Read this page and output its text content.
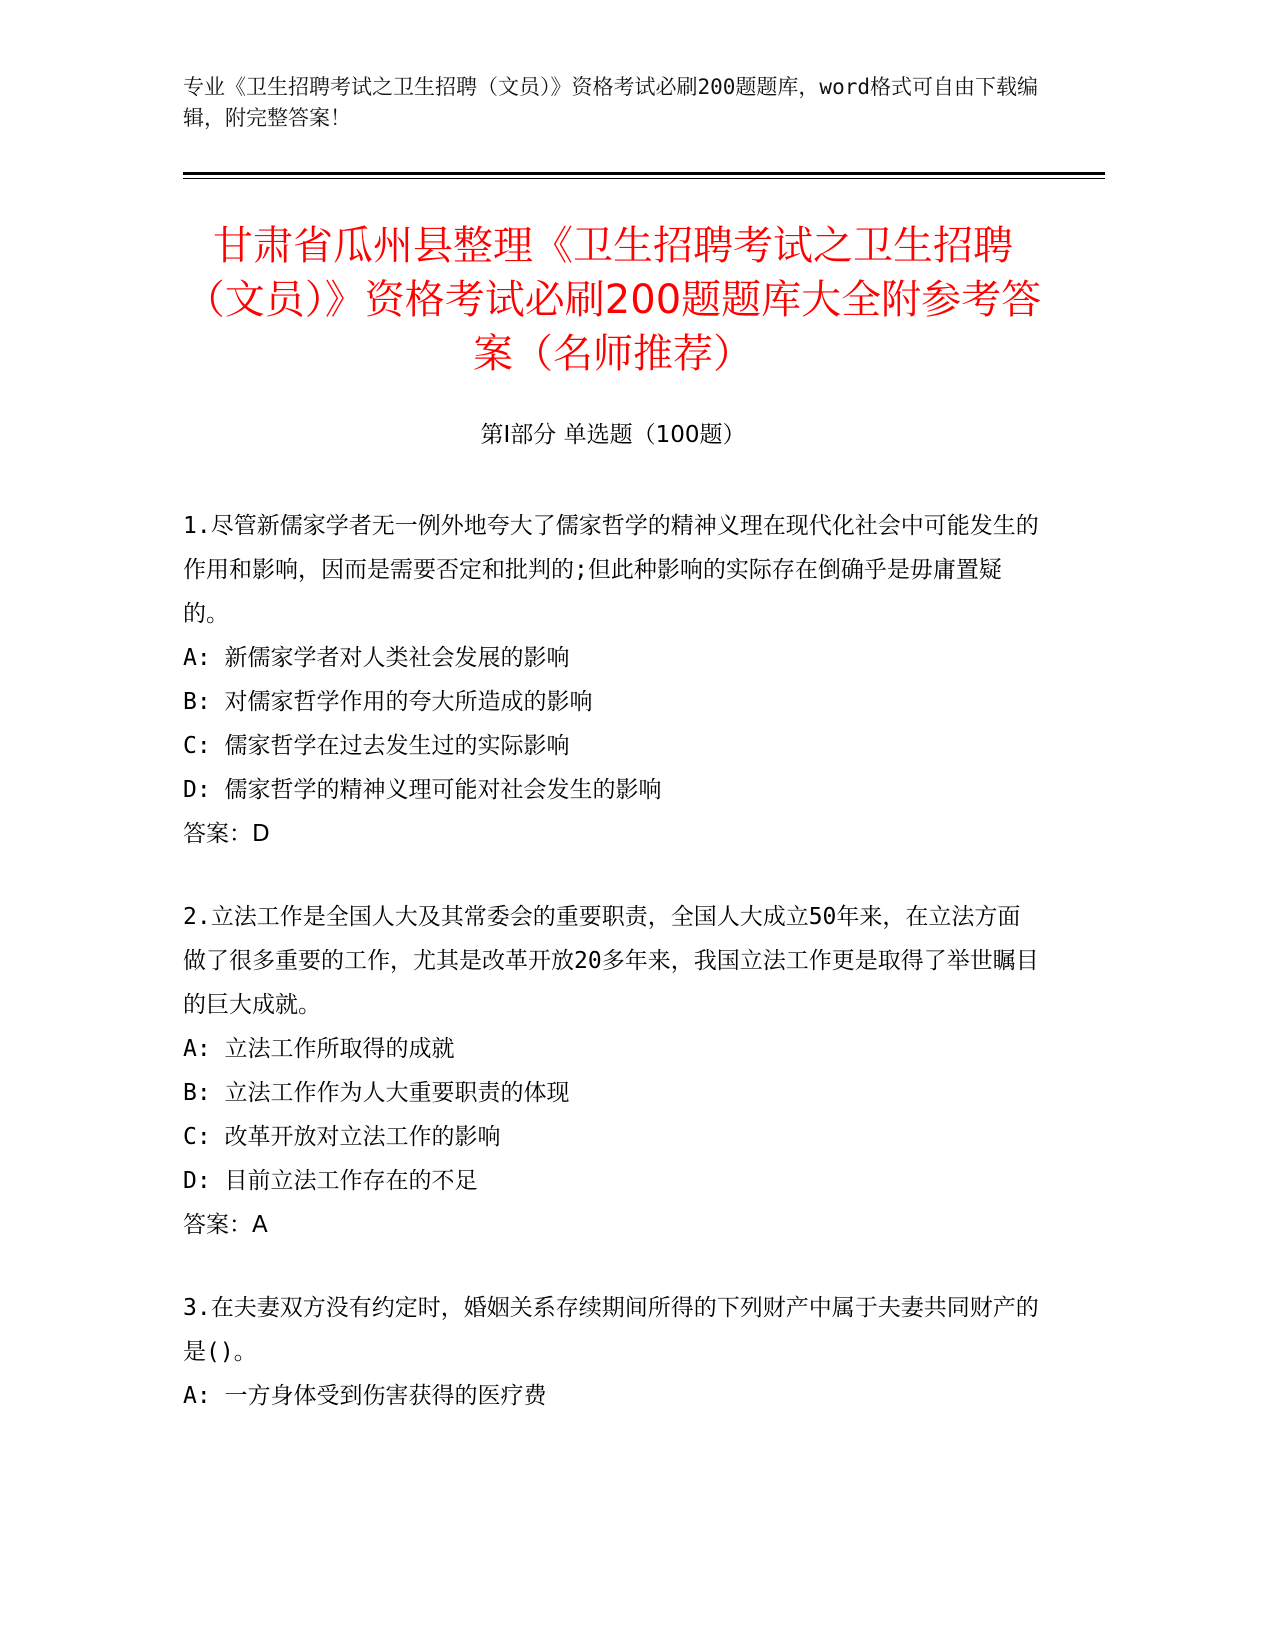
专业《卫生招聘考试之卫生招聘（文员）》资格考试必刷200题题库，word格式可自由下载编辑，附完整答案！
甘肃省瓜州县整理《卫生招聘考试之卫生招聘（文员）》资格考试必刷200题题库大全附参考答案（名师推荐）
第I部分 单选题（100题）

1.尽管新儒家学者无一例外地夸大了儒家哲学的精神义理在现代化社会中可能发生的作用和影响，因而是需要否定和批判的;但此种影响的实际存在倒确乎是毋庸置疑的。

A: 新儒家学者对人类社会发展的影响

B: 对儒家哲学作用的夸大所造成的影响

C: 儒家哲学在过去发生过的实际影响

D: 儒家哲学的精神义理可能对社会发生的影响

答案：D

2.立法工作是全国人大及其常委会的重要职责，全国人大成立50年来，在立法方面做了很多重要的工作，尤其是改革开放20多年来，我国立法工作更是取得了举世瞩目的巨大成就。

A: 立法工作所取得的成就

B: 立法工作作为人大重要职责的体现

C: 改革开放对立法工作的影响

D: 目前立法工作存在的不足

答案：A

3.在夫妻双方没有约定时，婚姻关系存续期间所得的下列财产中属于夫妻共同财产的是()。

A: 一方身体受到伤害获得的医疗费
